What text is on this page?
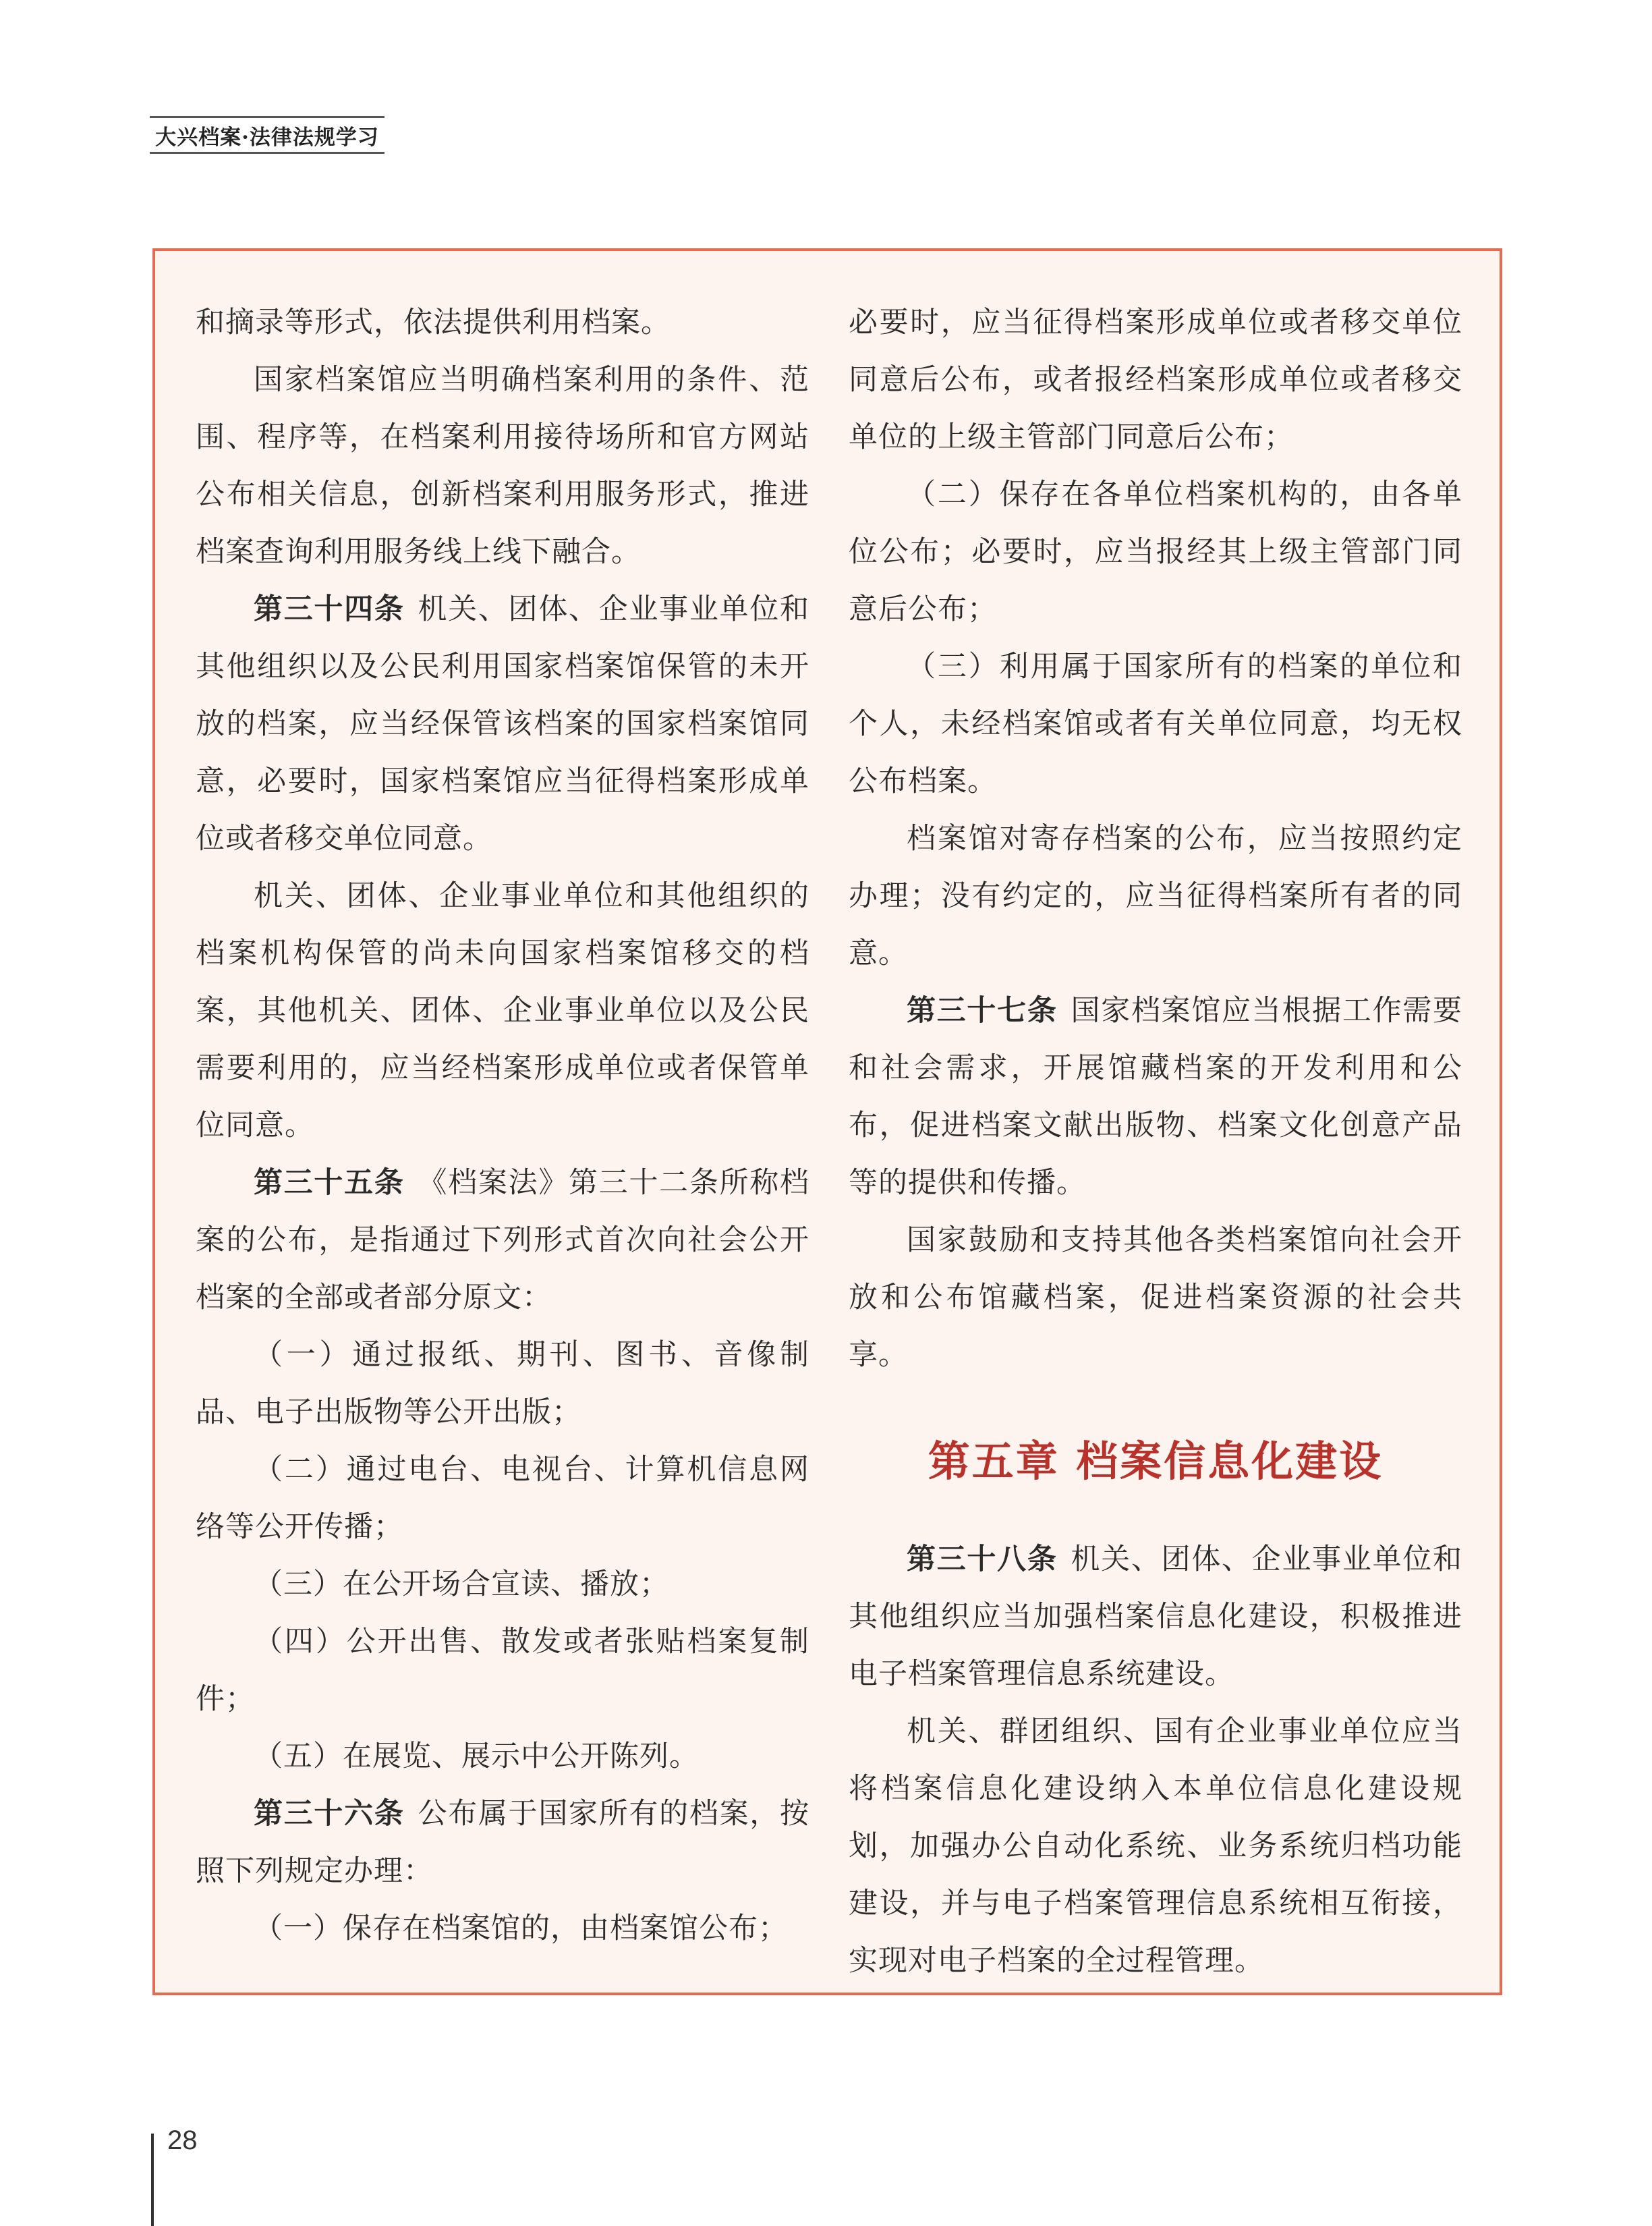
大兴档案·法律法规学习

和摘录等形式，依法提供利用档案。

国家档案馆应当明确档案利用的条件、范围、程序等，在档案利用接待场所和官方网站公布相关信息，创新档案利用服务形式，推进档案查询利用服务线上线下融合。

第三十四条 机关、团体、企业事业单位和其他组织以及公民利用国家档案馆保管的未开放的档案，应当经保管该档案的国家档案馆同意，必要时，国家档案馆应当征得档案形成单位或者移交单位同意。

机关、团体、企业事业单位和其他组织的档案机构保管的尚未向国家档案馆移交的档案，其他机关、团体、企业事业单位以及公民需要利用的，应当经档案形成单位或者保管单位同意。

第三十五条 《档案法》第三十二条所称档案的公布，是指通过下列形式首次向社会公开档案的全部或者部分原文：

（一）通过报纸、期刊、图书、音像制品、电子出版物等公开出版；

（二）通过电台、电视台、计算机信息网络等公开传播；

（三）在公开场合宣读、播放；

（四）公开出售、散发或者张贴档案复制件；

（五）在展览、展示中公开陈列。

第三十六条 公布属于国家所有的档案，按照下列规定办理：

（一）保存在档案馆的，由档案馆公布；

必要时，应当征得档案形成单位或者移交单位同意后公布，或者报经档案形成单位或者移交单位的上级主管部门同意后公布；

（二）保存在各单位档案机构的，由各单位公布；必要时，应当报经其上级主管部门同意后公布；

（三）利用属于国家所有的档案的单位和个人，未经档案馆或者有关单位同意，均无权公布档案。

档案馆对寄存档案的公布，应当按照约定办理；没有约定的，应当征得档案所有者的同意。

第三十七条 国家档案馆应当根据工作需要和社会需求，开展馆藏档案的开发利用和公布，促进档案文献出版物、档案文化创意产品等的提供和传播。

国家鼓励和支持其他各类档案馆向社会开放和公布馆藏档案，促进档案资源的社会共享。

第五章 档案信息化建设

第三十八条 机关、团体、企业事业单位和其他组织应当加强档案信息化建设，积极推进电子档案管理信息系统建设。

机关、群团组织、国有企业事业单位应当将档案信息化建设纳入本单位信息化建设规划，加强办公自动化系统、业务系统归档功能建设，并与电子档案管理信息系统相互衔接，实现对电子档案的全过程管理。

28
